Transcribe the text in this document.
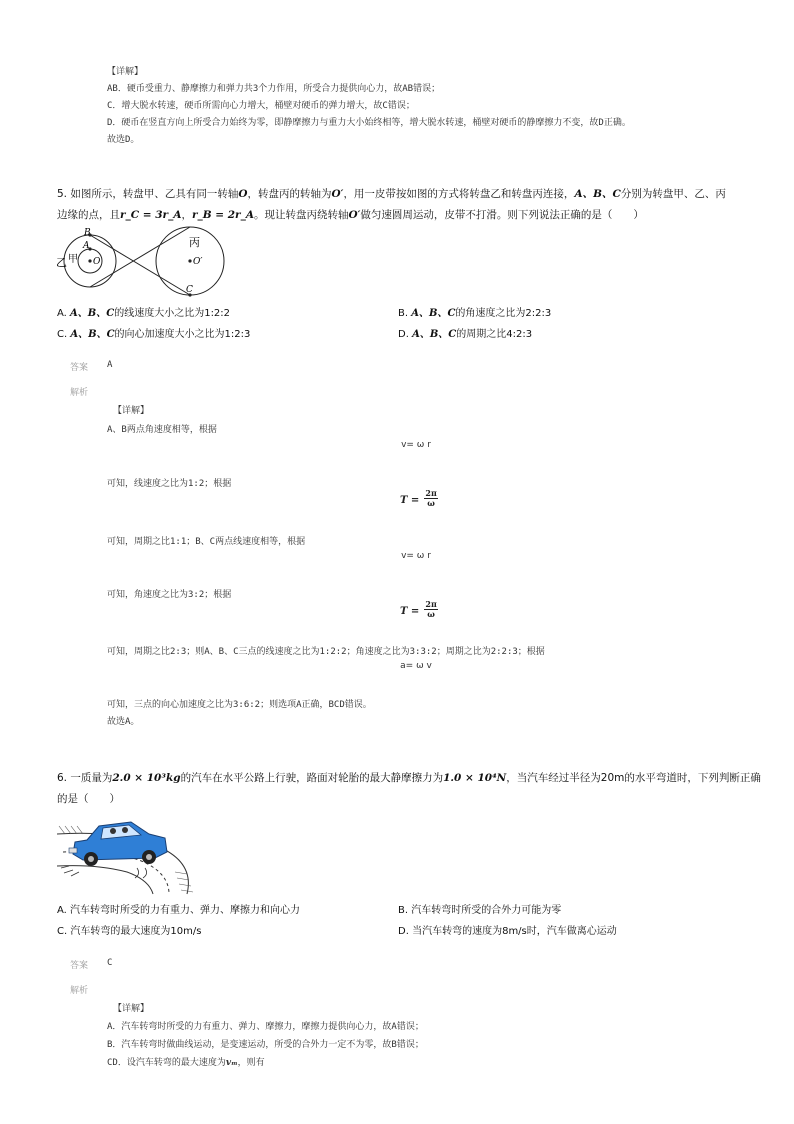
【详解】
AB．硬币受重力、静摩擦力和弹力共3个力作用，所受合力提供向心力，故AB错误；
C．增大脱水转速，硬币所需向心力增大，桶壁对硬币的弹力增大，故C错误；
D．硬币在竖直方向上所受合力始终为零，即静摩擦力与重力大小始终相等，增大脱水转速，桶壁对硬币的静摩擦力不变，故D正确。
故选D。
5. 如图所示，转盘甲、乙具有同一转轴O，转盘丙的转轴为O′，用一皮带按如图的方式将转盘乙和转盘丙连接，A、B、C分别为转盘甲、乙、丙
边缘的点，且r_C = 3r_A，r_B = 2r_A。现让转盘丙绕转轴O′做匀速圆周运动，皮带不打滑。则下列说法正确的是（　　）
乙 甲
丙
A
B
C
O	O′
A. A、B、C的线速度大小之比为1:2:2	B. A、B、C的角速度之比为2:2:3
C. A、B、C的向心加速度大小之比为1:2:3	D. A、B、C的周期之比4:2:3
答案 A
解析
【详解】
A、B两点角速度相等，根据
v= ω r
可知，线速度之比为1:2；根据
$T = \frac{2\pi}{\omega}$
可知，周期之比1:1；B、C两点线速度相等，根据
v= ω r
可知，角速度之比为3:2；根据
$T = \frac{2\pi}{\omega}$
可知，周期之比2:3；则A、B、C三点的线速度之比为1:2:2；角速度之比为3:3:2；周期之比为2:2:3；根据
a= ω v
可知，三点的向心加速度之比为3:6:2；则选项A正确，BCD错误。
故选A。
6. 一质量为2.0 × 10³kg的汽车在水平公路上行驶，路面对轮胎的最大静摩擦力为1.0 × 10⁴N，当汽车经过半径为20m的水平弯道时，下列判断正确
的是（　　）
A. 汽车转弯时所受的力有重力、弹力、摩擦力和向心力	B. 汽车转弯时所受的合外力可能为零
C. 汽车转弯的最大速度为10m/s	D. 当汽车转弯的速度为8m/s时，汽车做离心运动
答案 C
解析
【详解】
A．汽车转弯时所受的力有重力、弹力、摩擦力，摩擦力提供向心力，故A错误；
B．汽车转弯时做曲线运动，是变速运动，所受的合外力一定不为零，故B错误；
CD．设汽车转弯的最大速度为vₘ，则有
